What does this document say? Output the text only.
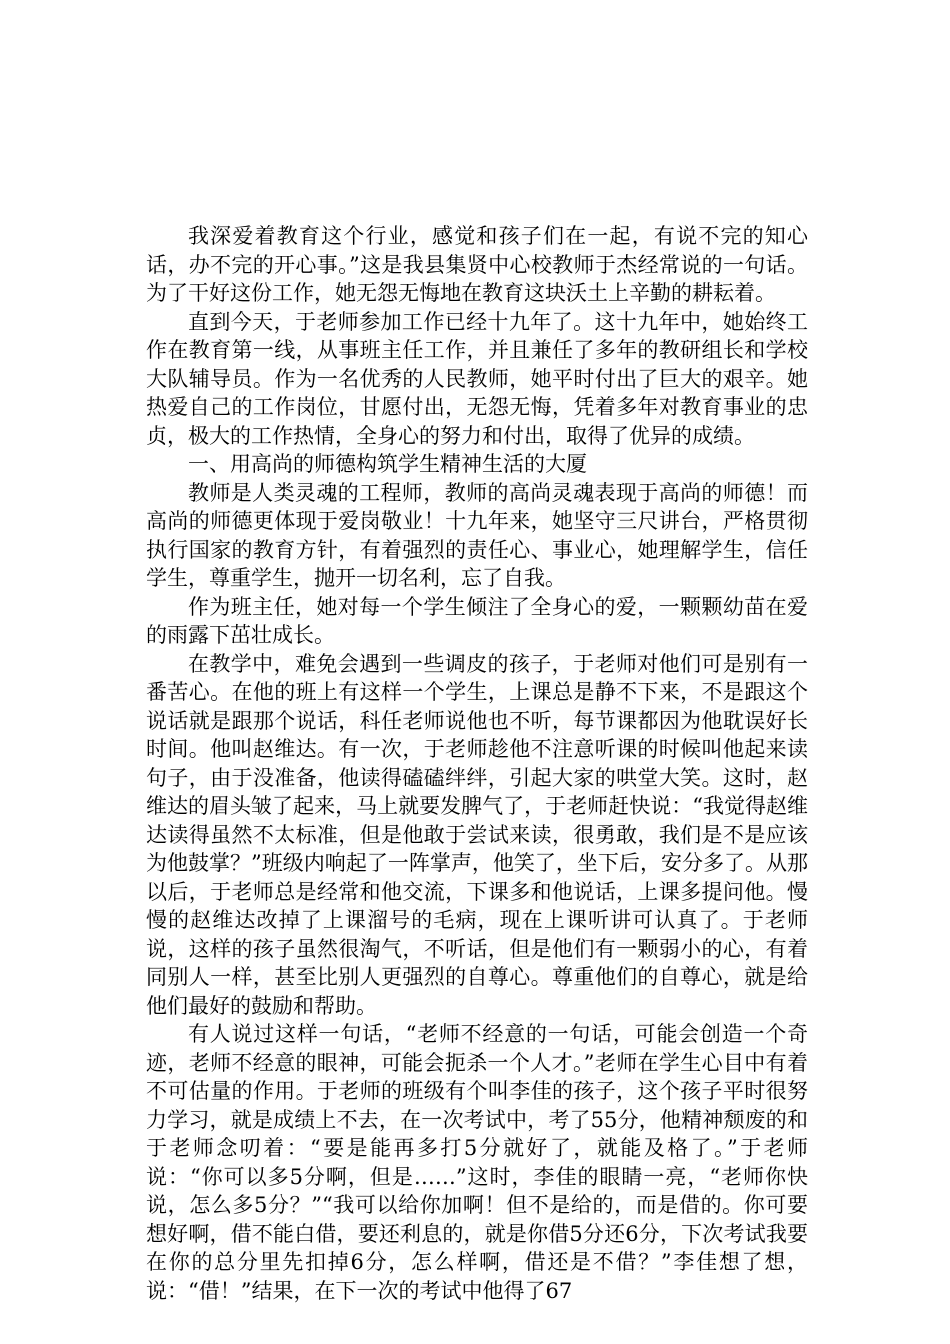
我深爱着教育这个行业，感觉和孩子们在一起，有说不完的知心话，办不完的开心事。”这是我县集贤中心校教师于杰经常说的一句话。为了干好这份工作，她无怨无悔地在教育这块沃土上辛勤的耕耘着。

直到今天，于老师参加工作已经十九年了。这十九年中，她始终工作在教育第一线，从事班主任工作，并且兼任了多年的教研组长和学校大队辅导员。作为一名优秀的人民教师，她平时付出了巨大的艰辛。她热爱自己的工作岗位，甘愿付出，无怨无悔，凭着多年对教育事业的忠贞，极大的工作热情，全身心的努力和付出，取得了优异的成绩。

一、用高尚的师德构筑学生精神生活的大厦

教师是人类灵魂的工程师，教师的高尚灵魂表现于高尚的师德！而高尚的师德更体现于爱岗敬业！十九年来，她坚守三尺讲台，严格贯彻执行国家的教育方针，有着强烈的责任心、事业心，她理解学生，信任学生，尊重学生，抛开一切名利，忘了自我。

作为班主任，她对每一个学生倾注了全身心的爱，一颗颗幼苗在爱的雨露下茁壮成长。

在教学中，难免会遇到一些调皮的孩子，于老师对他们可是别有一番苦心。在他的班上有这样一个学生，上课总是静不下来，不是跟这个说话就是跟那个说话，科任老师说他也不听，每节课都因为他耽误好长时间。他叫赵维达。有一次，于老师趁他不注意听课的时候叫他起来读句子，由于没准备，他读得磕磕绊绊，引起大家的哄堂大笑。这时，赵维达的眉头皱了起来，马上就要发脾气了，于老师赶快说：“我觉得赵维达读得虽然不太标准，但是他敢于尝试来读，很勇敢，我们是不是应该为他鼓掌？”班级内响起了一阵掌声，他笑了，坐下后，安分多了。从那以后，于老师总是经常和他交流，下课多和他说话，上课多提问他。慢慢的赵维达改掉了上课溜号的毛病，现在上课听讲可认真了。于老师说，这样的孩子虽然很淘气，不听话，但是他们有一颗弱小的心，有着同别人一样，甚至比别人更强烈的自尊心。尊重他们的自尊心，就是给他们最好的鼓励和帮助。

有人说过这样一句话，“老师不经意的一句话，可能会创造一个奇迹，老师不经意的眼神，可能会扼杀一个人才。”老师在学生心目中有着不可估量的作用。于老师的班级有个叫李佳的孩子，这个孩子平时很努力学习，就是成绩上不去，在一次考试中，考了55分，他精神颓废的和于老师念叨着：“要是能再多打5分就好了，就能及格了。”于老师说：“你可以多5分啊，但是……”这时，李佳的眼睛一亮，“老师你快说，怎么多5分？”“我可以给你加啊！但不是给的，而是借的。你可要想好啊，借不能白借，要还利息的，就是你借5分还6分，下次考试我要在你的总分里先扣掉6分，怎么样啊，借还是不借？”李佳想了想，说：“借！”结果，在下一次的考试中他得了67
